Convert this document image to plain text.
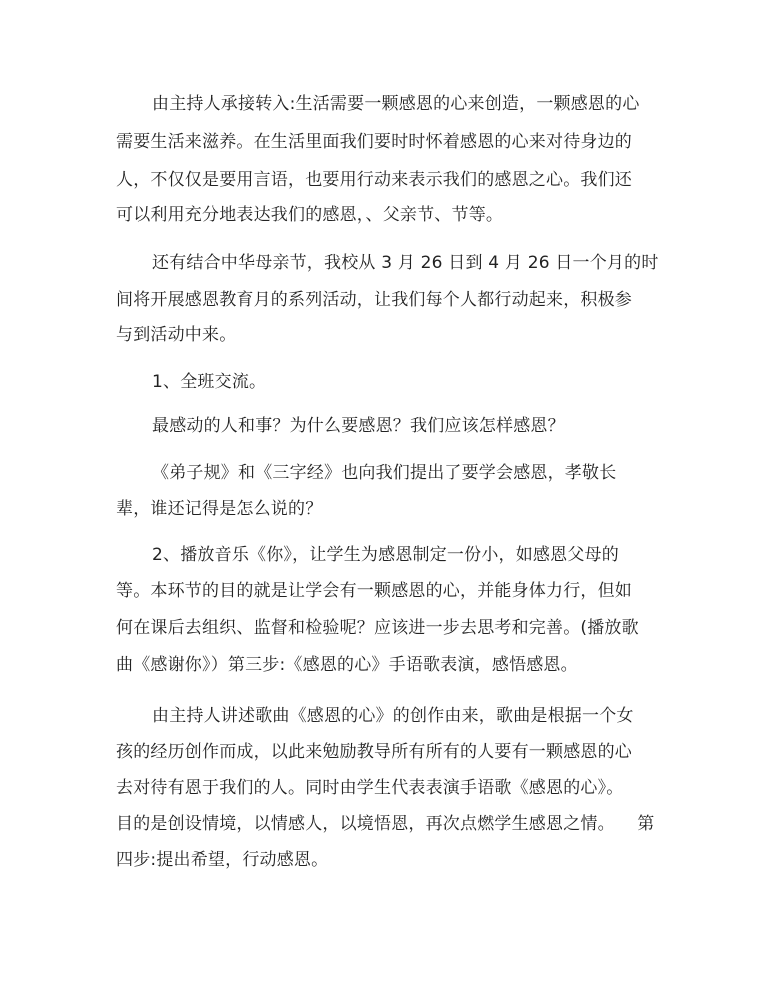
由主持人承接转入:生活需要一颗感恩的心来创造，一颗感恩的心
需要生活来滋养。在生活里面我们要时时怀着感恩的心来对待身边的
人，不仅仅是要用言语，也要用行动来表示我们的感恩之心。我们还
可以利用充分地表达我们的感恩，、父亲节、节等。
还有结合中华母亲节，我校从 3 月 26 日到 4 月 26 日一个月的时
间将开展感恩教育月的系列活动，让我们每个人都行动起来，积极参
与到活动中来。
1、全班交流。
最感动的人和事？为什么要感恩？我们应该怎样感恩？
《弟子规》和《三字经》也向我们提出了要学会感恩，孝敬长
辈，谁还记得是怎么说的？
2、播放音乐《你》，让学生为感恩制定一份小，如感恩父母的
等。本环节的目的就是让学会有一颗感恩的心，并能身体力行，但如
何在课后去组织、监督和检验呢？应该进一步去思考和完善。(播放歌
曲《感谢你》）第三步:《感恩的心》手语歌表演，感悟感恩。
由主持人讲述歌曲《感恩的心》的创作由来，歌曲是根据一个女
孩的经历创作而成，以此来勉励教导所有所有的人要有一颗感恩的心
去对待有恩于我们的人。同时由学生代表表演手语歌《感恩的心》。
目的是创设情境，以情感人，以境悟恩，再次点燃学生感恩之情。    第
四步:提出希望，行动感恩。
